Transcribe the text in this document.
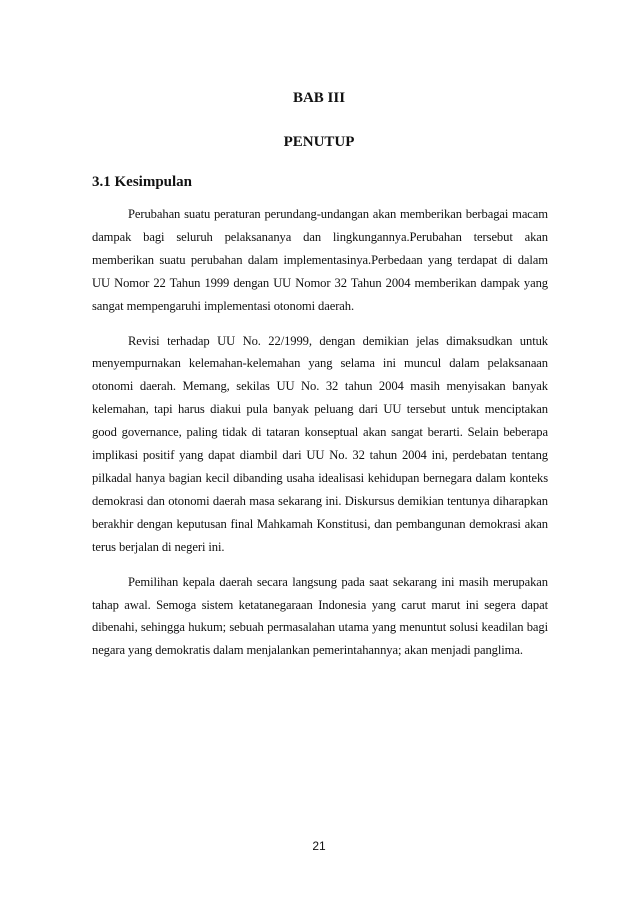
BAB III
PENUTUP
3.1 Kesimpulan

Perubahan suatu peraturan perundang-undangan akan memberikan berbagai macam dampak bagi seluruh pelaksananya dan lingkungannya.Perubahan tersebut akan memberikan suatu perubahan dalam implementasinya.Perbedaan yang terdapat di dalam UU Nomor 22 Tahun 1999 dengan UU Nomor 32 Tahun 2004 memberikan dampak yang sangat mempengaruhi implementasi otonomi daerah.

Revisi terhadap UU No. 22/1999, dengan demikian jelas dimaksudkan untuk menyempurnakan kelemahan-kelemahan yang selama ini muncul dalam pelaksanaan otonomi daerah. Memang, sekilas UU No. 32 tahun 2004 masih menyisakan banyak kelemahan, tapi harus diakui pula banyak peluang dari UU tersebut untuk menciptakan good governance, paling tidak di tataran konseptual akan sangat berarti. Selain beberapa implikasi positif yang dapat diambil dari UU No. 32 tahun 2004 ini, perdebatan tentang pilkadal hanya bagian kecil dibanding usaha idealisasi kehidupan bernegara dalam konteks demokrasi dan otonomi daerah masa sekarang ini. Diskursus demikian tentunya diharapkan berakhir dengan keputusan final Mahkamah Konstitusi, dan pembangunan demokrasi akan terus berjalan di negeri ini.

Pemilihan kepala daerah secara langsung pada saat sekarang ini masih merupakan tahap awal. Semoga sistem ketatanegaraan Indonesia yang carut marut ini segera dapat dibenahi, sehingga hukum; sebuah permasalahan utama yang menuntut solusi keadilan bagi negara yang demokratis dalam menjalankan pemerintahannya; akan menjadi panglima.

21
